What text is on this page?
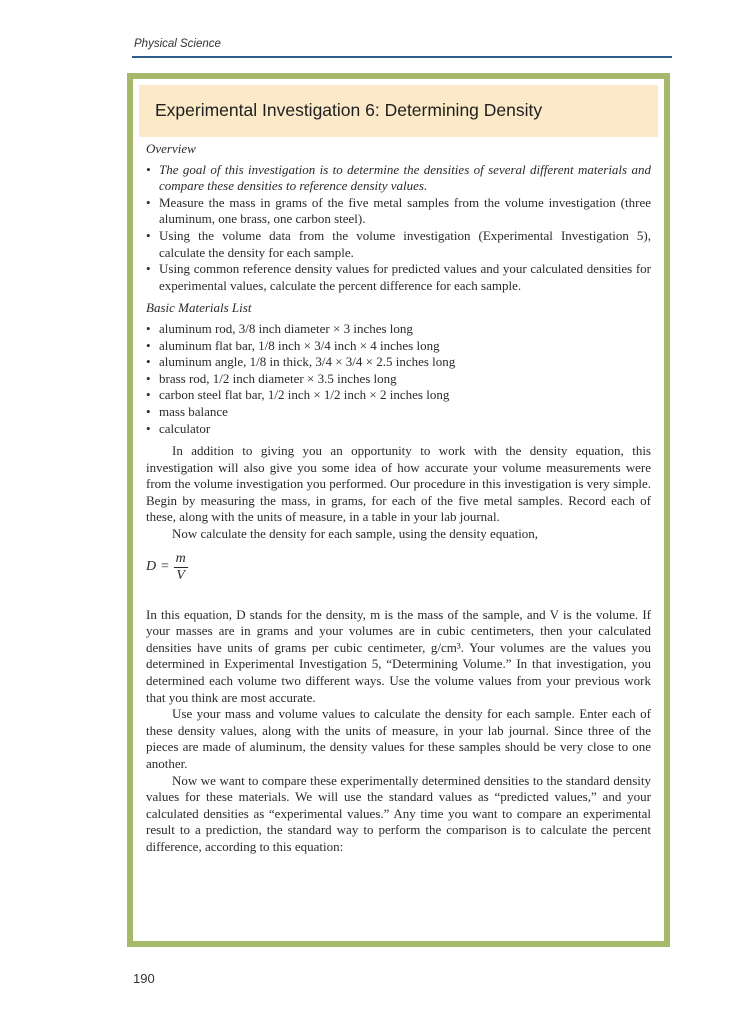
Physical Science
Experimental Investigation 6: Determining Density

Overview

• The goal of this investigation is to determine the densities of several different materials and compare these densities to reference density values.
• Measure the mass in grams of the five metal samples from the volume investigation (three aluminum, one brass, one carbon steel).
• Using the volume data from the volume investigation (Experimental Investigation 5), calculate the density for each sample.
• Using common reference density values for predicted values and your calculated densities for experimental values, calculate the percent difference for each sample.

Basic Materials List

• aluminum rod, 3/8 inch diameter × 3 inches long
• aluminum flat bar, 1/8 inch × 3/4 inch × 4 inches long
• aluminum angle, 1/8 in thick, 3/4 × 3/4 × 2.5 inches long
• brass rod, 1/2 inch diameter × 3.5 inches long
• carbon steel flat bar, 1/2 inch × 1/2 inch × 2 inches long
• mass balance
• calculator

In addition to giving you an opportunity to work with the density equation, this investigation will also give you some idea of how accurate your volume measurements were from the volume investigation you performed. Our procedure in this investigation is very simple. Begin by measuring the mass, in grams, for each of the five metal samples. Record each of these, along with the units of measure, in a table in your lab journal.

Now calculate the density for each sample, using the density equation,

$D = \frac{m}{V}$

In this equation, D stands for the density, m is the mass of the sample, and V is the volume. If your masses are in grams and your volumes are in cubic centimeters, then your calculated densities have units of grams per cubic centimeter, g/cm³. Your volumes are the values you determined in Experimental Investigation 5, “Determining Volume.” In that investigation, you determined each volume two different ways. Use the volume values from your previous work that you think are most accurate.

Use your mass and volume values to calculate the density for each sample. Enter each of these density values, along with the units of measure, in your lab journal. Since three of the pieces are made of aluminum, the density values for these samples should be very close to one another.

Now we want to compare these experimentally determined densities to the standard density values for these materials. We will use the standard values as “predicted values,” and your calculated densities as “experimental values.” Any time you want to compare an experimental result to a prediction, the standard way to perform the comparison is to calculate the percent difference, according to this equation:

190
